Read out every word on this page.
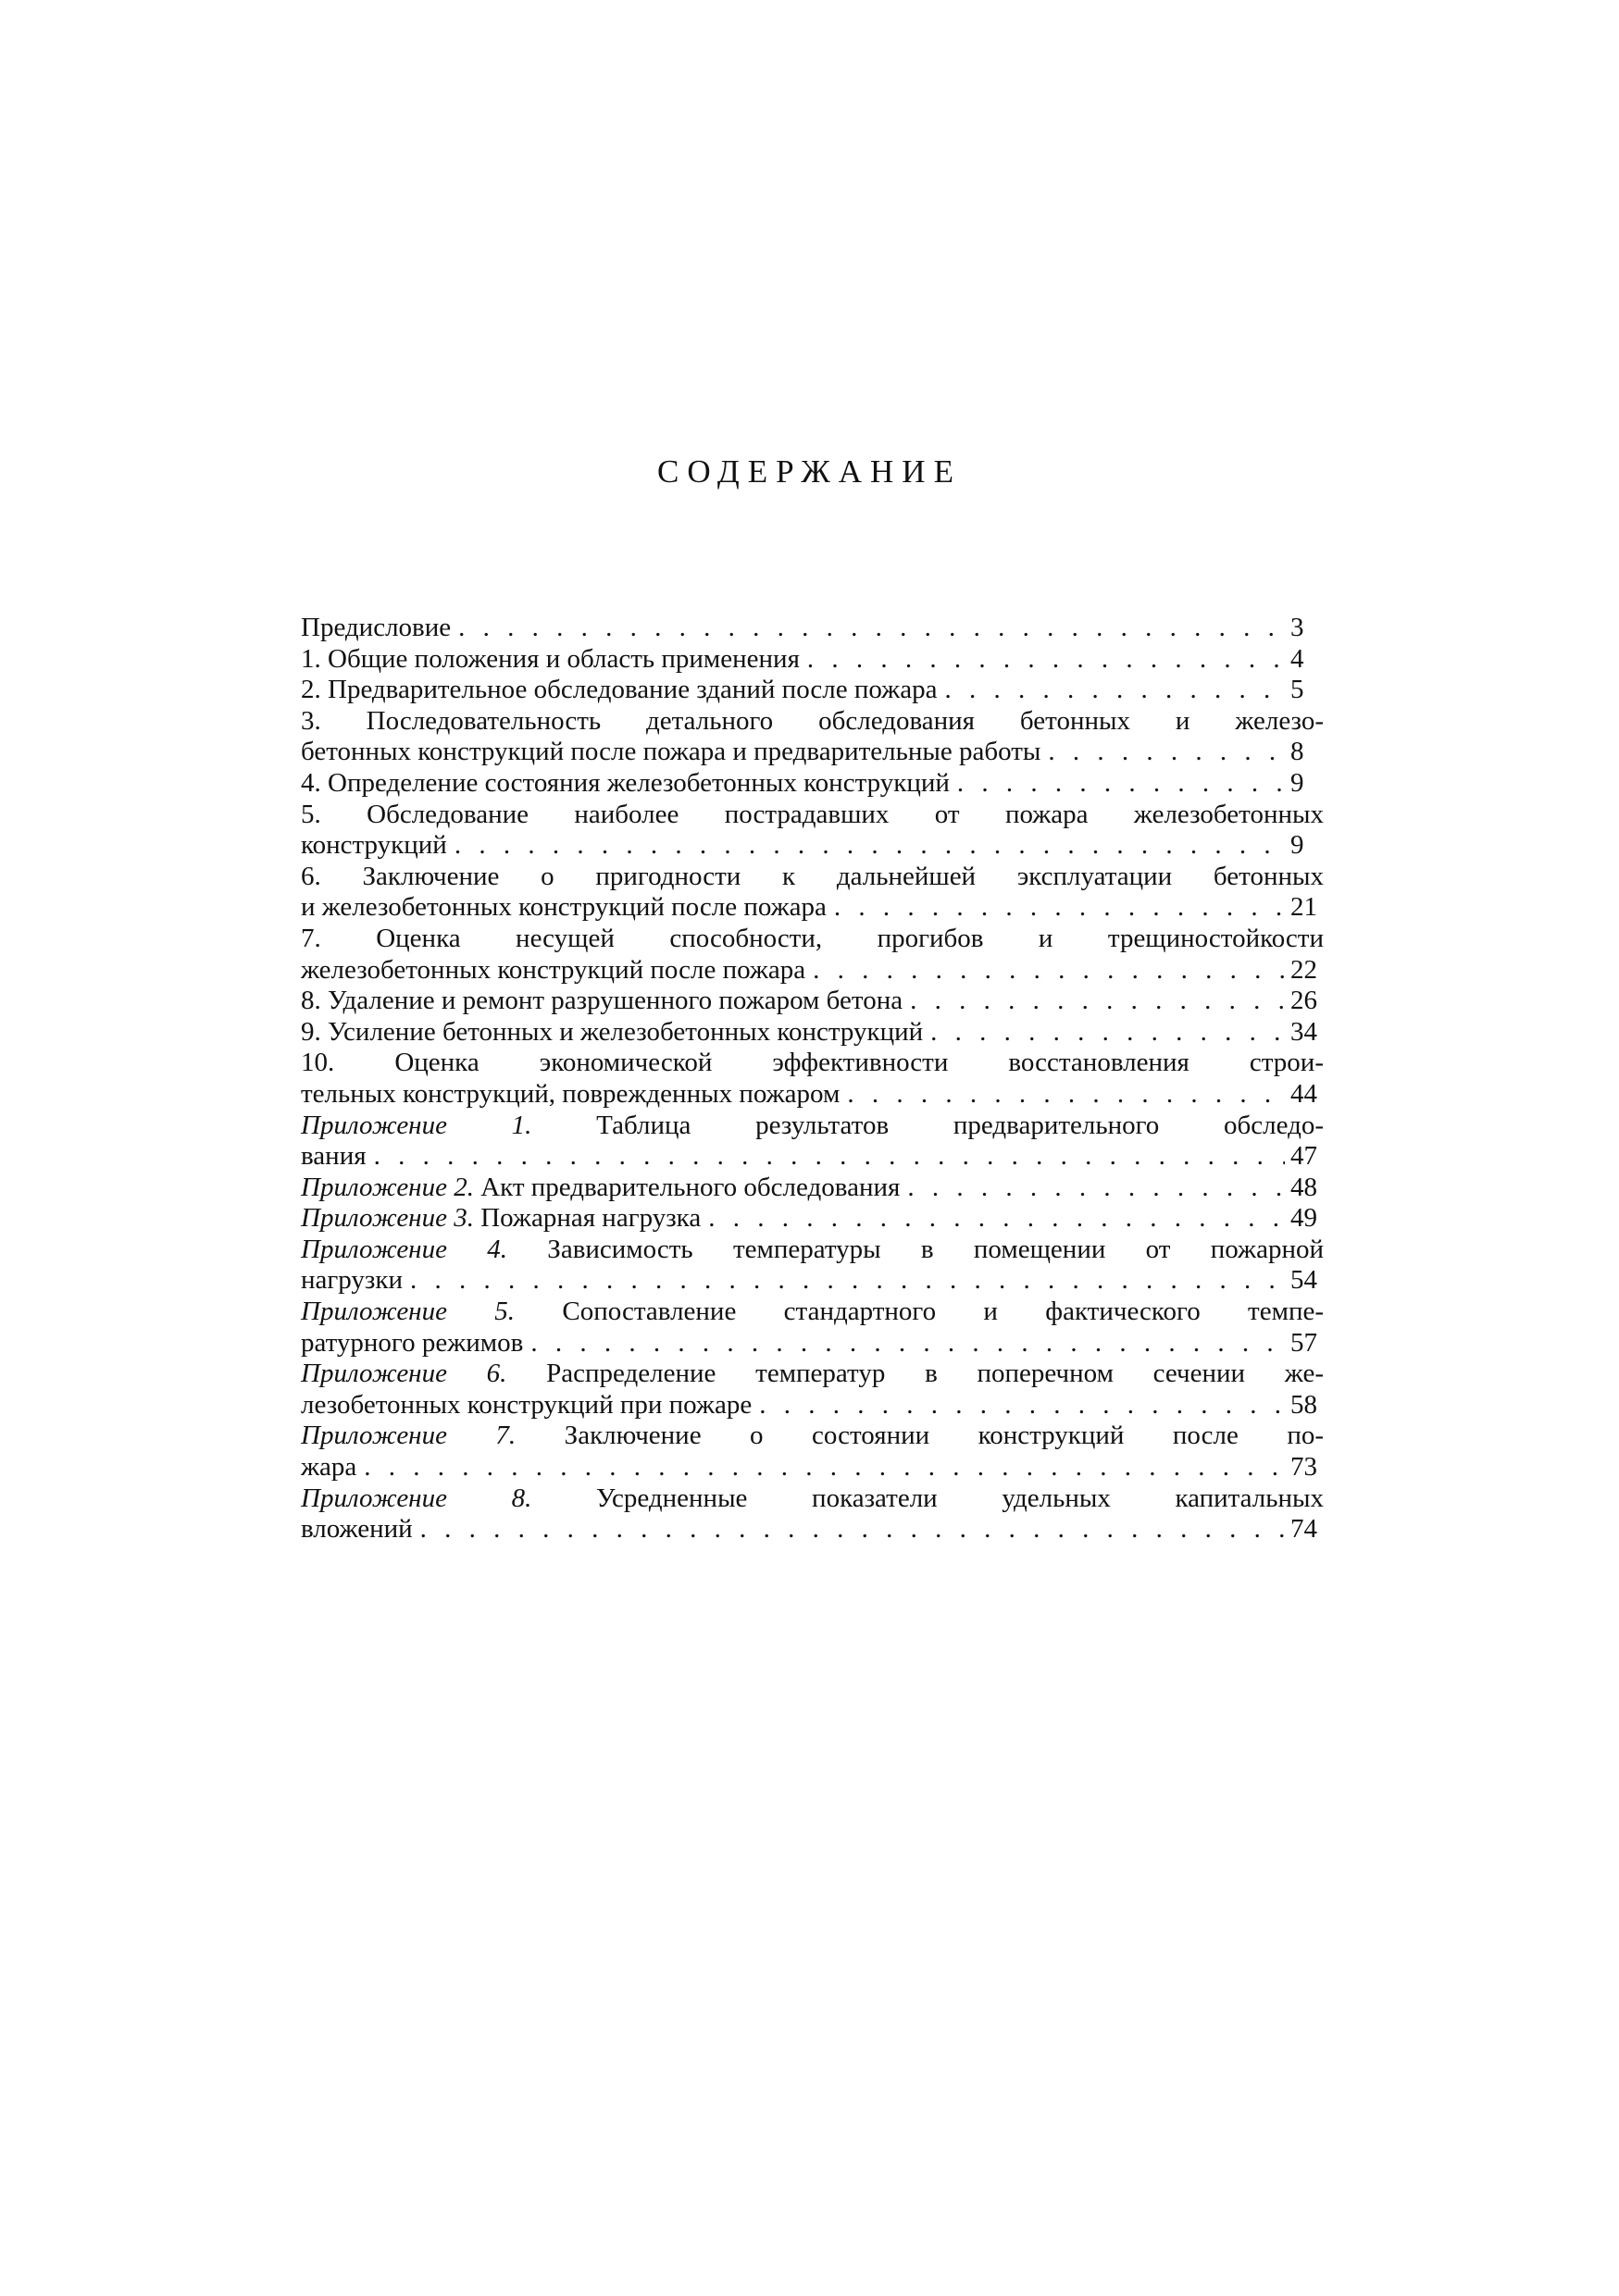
СОДЕРЖАНИЕ
Предисловие . . .	3
1. Общие положения и область применения . . .	4
2. Предварительное обследование зданий после пожара . . .	5
3. Последовательность детального обследования бетонных и железо-
бетонных конструкций после пожара и предварительные работы . . .	8
4. Определение состояния железобетонных конструкций . . .	9
5. Обследование наиболее пострадавших от пожара железобетонных
конструкций . . .	9
6. Заключение о пригодности к дальнейшей эксплуатации бетонных
и железобетонных конструкций после пожара . . .	21
7. Оценка несущей способности, прогибов и трещиностойкости
железобетонных конструкций после пожара . . .	22
8. Удаление и ремонт разрушенного пожаром бетона . . .	26
9. Усиление бетонных и железобетонных конструкций . . .	34
10. Оценка экономической эффективности восстановления строи-
тельных конструкций, поврежденных пожаром . . .	44
Приложение 1. Таблица результатов предварительного обследо-
вания . . .	47
Приложение 2. Акт предварительного обследования . . .	48
Приложение 3. Пожарная нагрузка . . .	49
Приложение 4. Зависимость температуры в помещении от пожарной
нагрузки . . .	54
Приложение 5. Сопоставление стандартного и фактического темпе-
ратурного режимов . . .	57
Приложение 6. Распределение температур в поперечном сечении же-
лезобетонных конструкций при пожаре . . .	58
Приложение 7. Заключение о состоянии конструкций после по-
жара . . .	73
Приложение 8. Усредненные показатели удельных капитальных
вложений . . .	74
